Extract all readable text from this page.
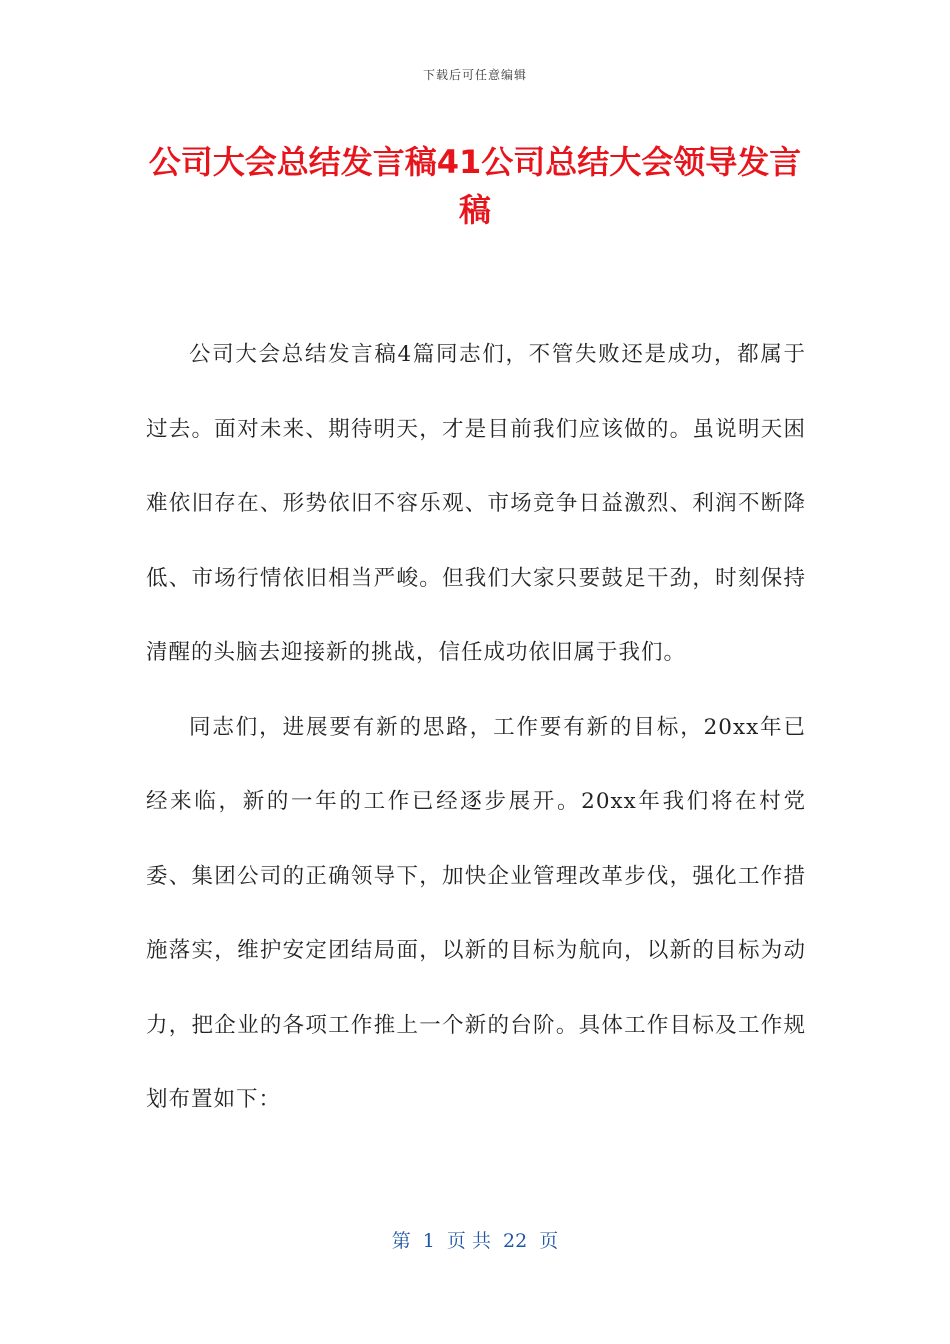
下载后可任意编辑
公司大会总结发言稿41公司总结大会领导发言稿

公司大会总结发言稿4篇同志们，不管失败还是成功，都属于过去。面对未来、期待明天，才是目前我们应该做的。虽说明天困难依旧存在、形势依旧不容乐观、市场竞争日益激烈、利润不断降低、市场行情依旧相当严峻。但我们大家只要鼓足干劲，时刻保持清醒的头脑去迎接新的挑战，信任成功依旧属于我们。

同志们，进展要有新的思路，工作要有新的目标，20xx年已经来临，新的一年的工作已经逐步展开。20xx年我们将在村党委、集团公司的正确领导下，加快企业管理改革步伐，强化工作措施落实，维护安定团结局面，以新的目标为航向，以新的目标为动力，把企业的各项工作推上一个新的台阶。具体工作目标及工作规划布置如下：

第  1  页 共  22  页
